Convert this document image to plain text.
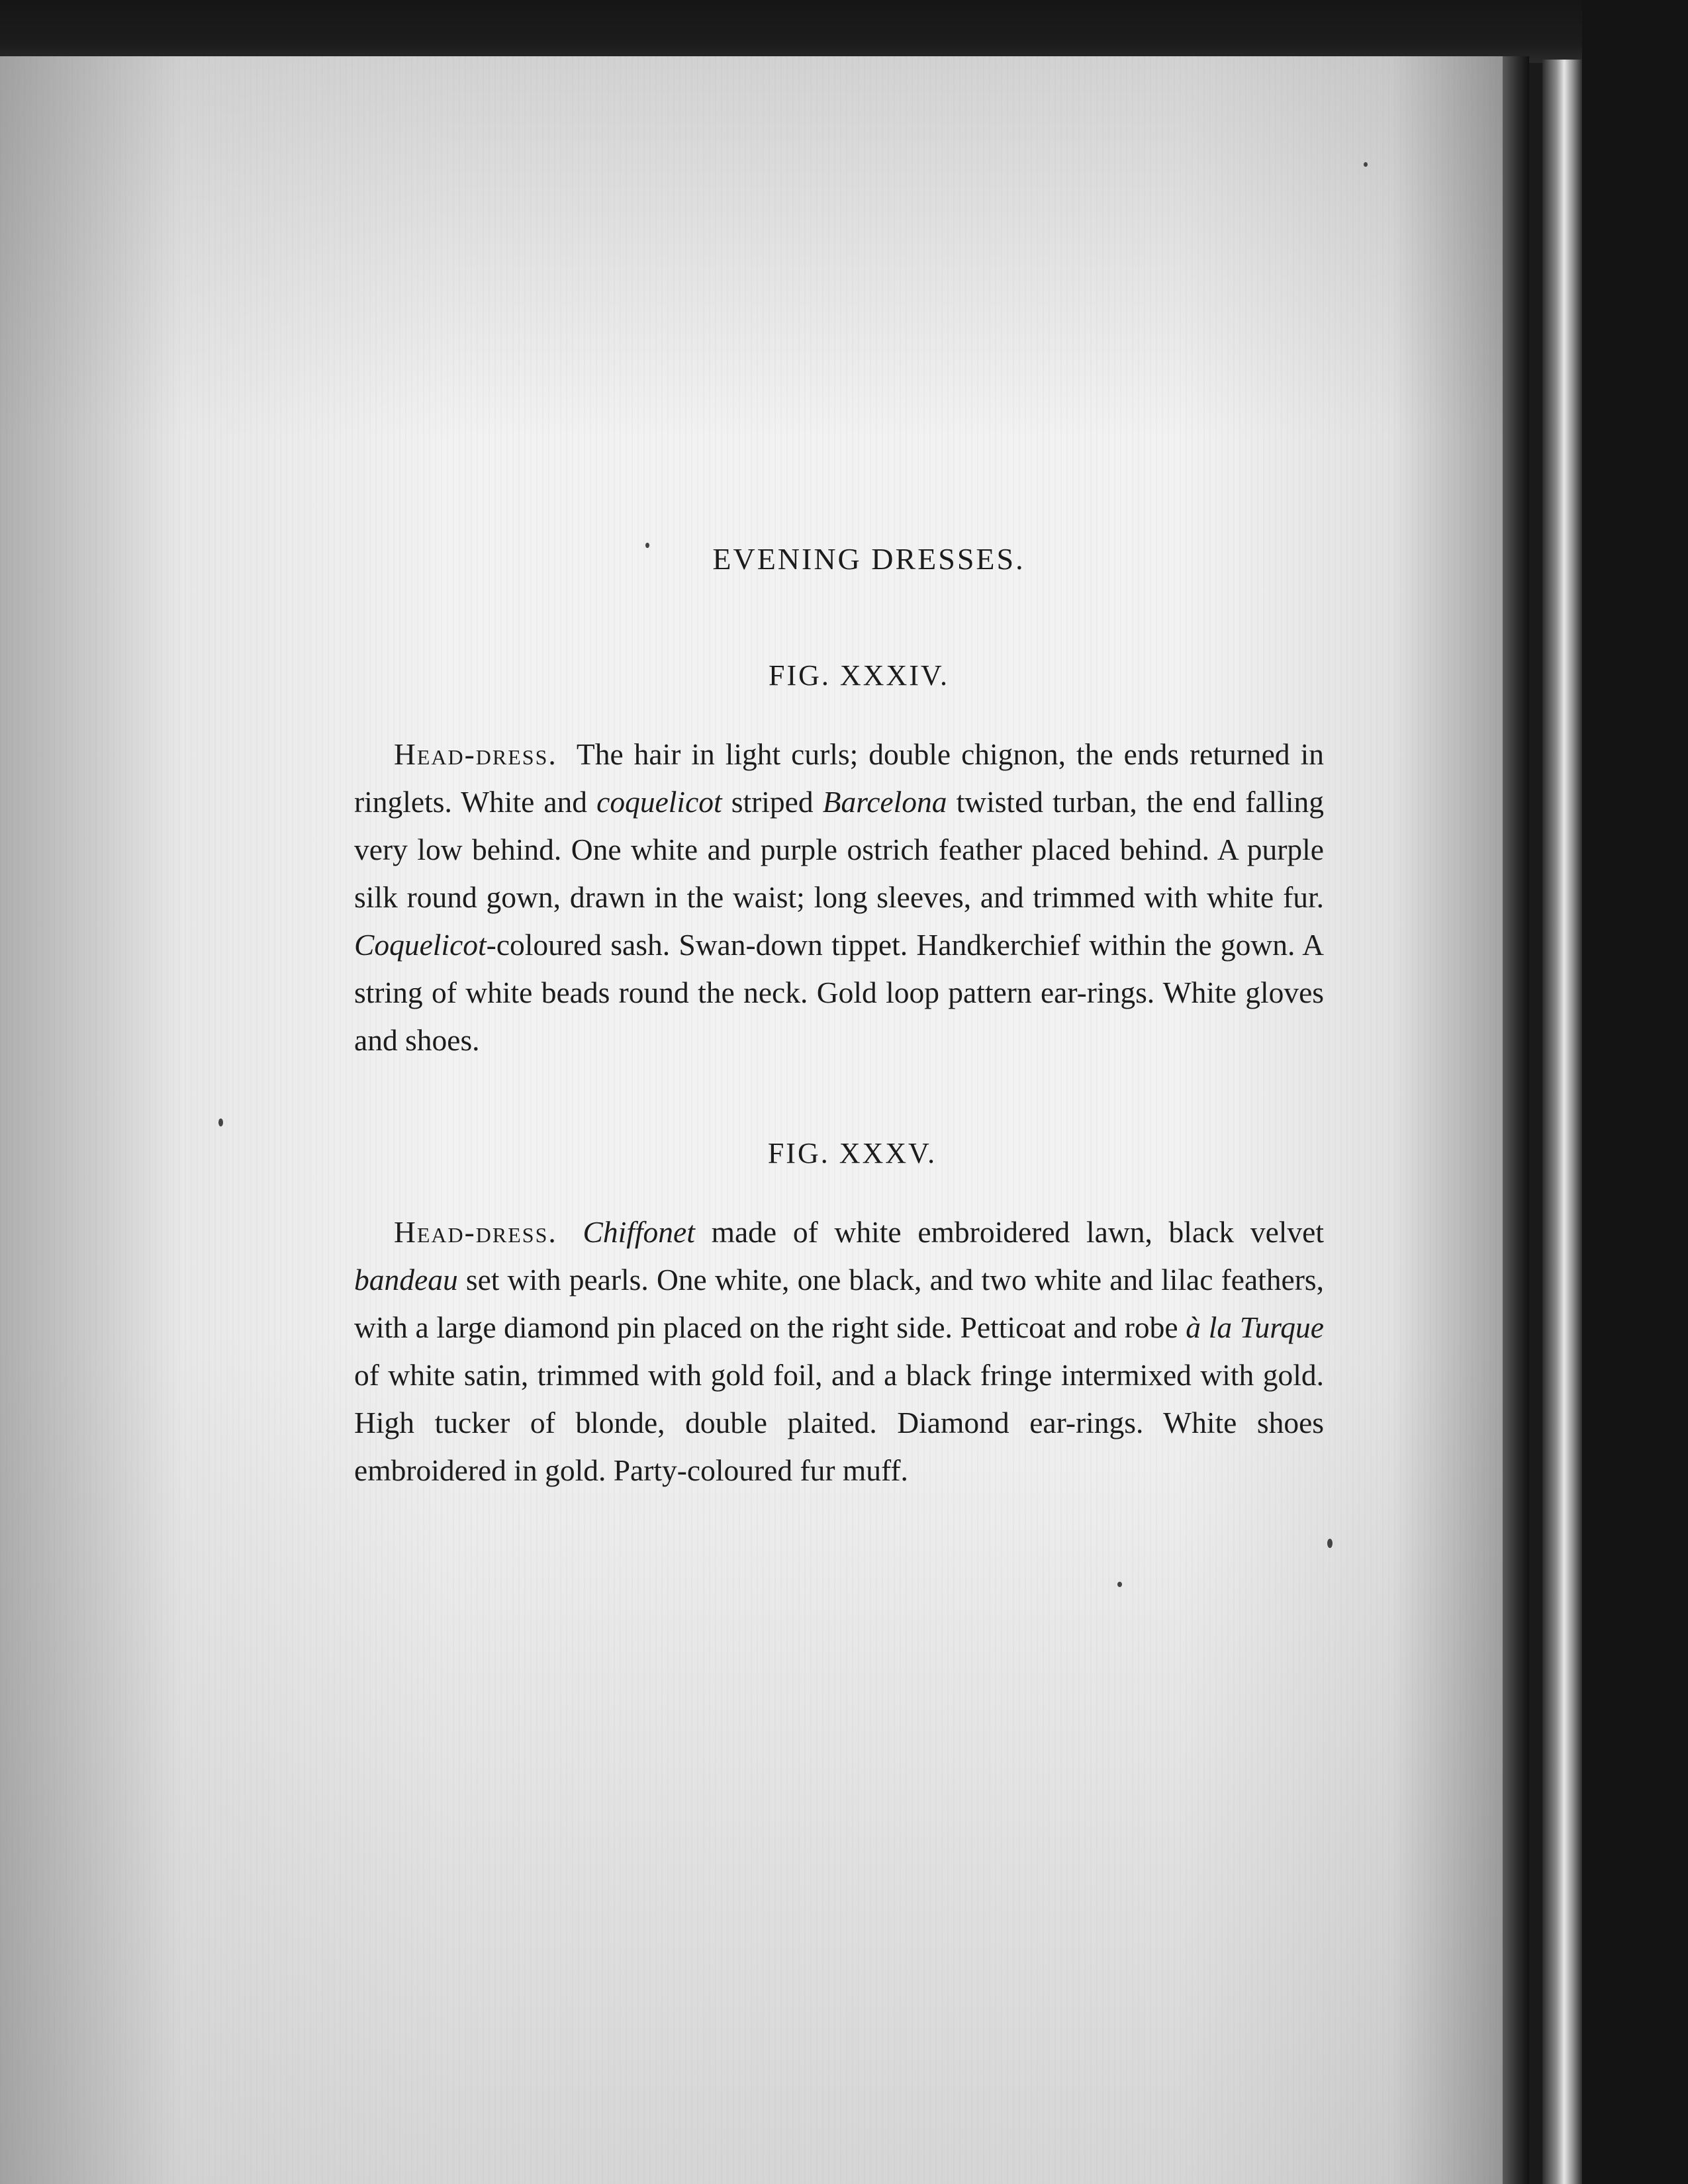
EVENING DRESSES.
FIG. XXXIV.

Head-dress. The hair in light curls; double chignon, the ends returned in ringlets. White and coquelicot striped Barcelona twisted turban, the end falling very low behind. One white and purple ostrich feather placed behind. A purple silk round gown, drawn in the waist; long sleeves, and trimmed with white fur. Coquelicot-coloured sash. Swan-down tippet. Handkerchief within the gown. A string of white beads round the neck. Gold loop pattern ear-rings. White gloves and shoes.

FIG. XXXV.

Head-dress. Chiffonet made of white embroidered lawn, black velvet bandeau set with pearls. One white, one black, and two white and lilac feathers, with a large diamond pin placed on the right side. Petticoat and robe à la Turque of white satin, trimmed with gold foil, and a black fringe intermixed with gold. High tucker of blonde, double plaited. Diamond ear-rings. White shoes embroidered in gold. Party-coloured fur muff.
